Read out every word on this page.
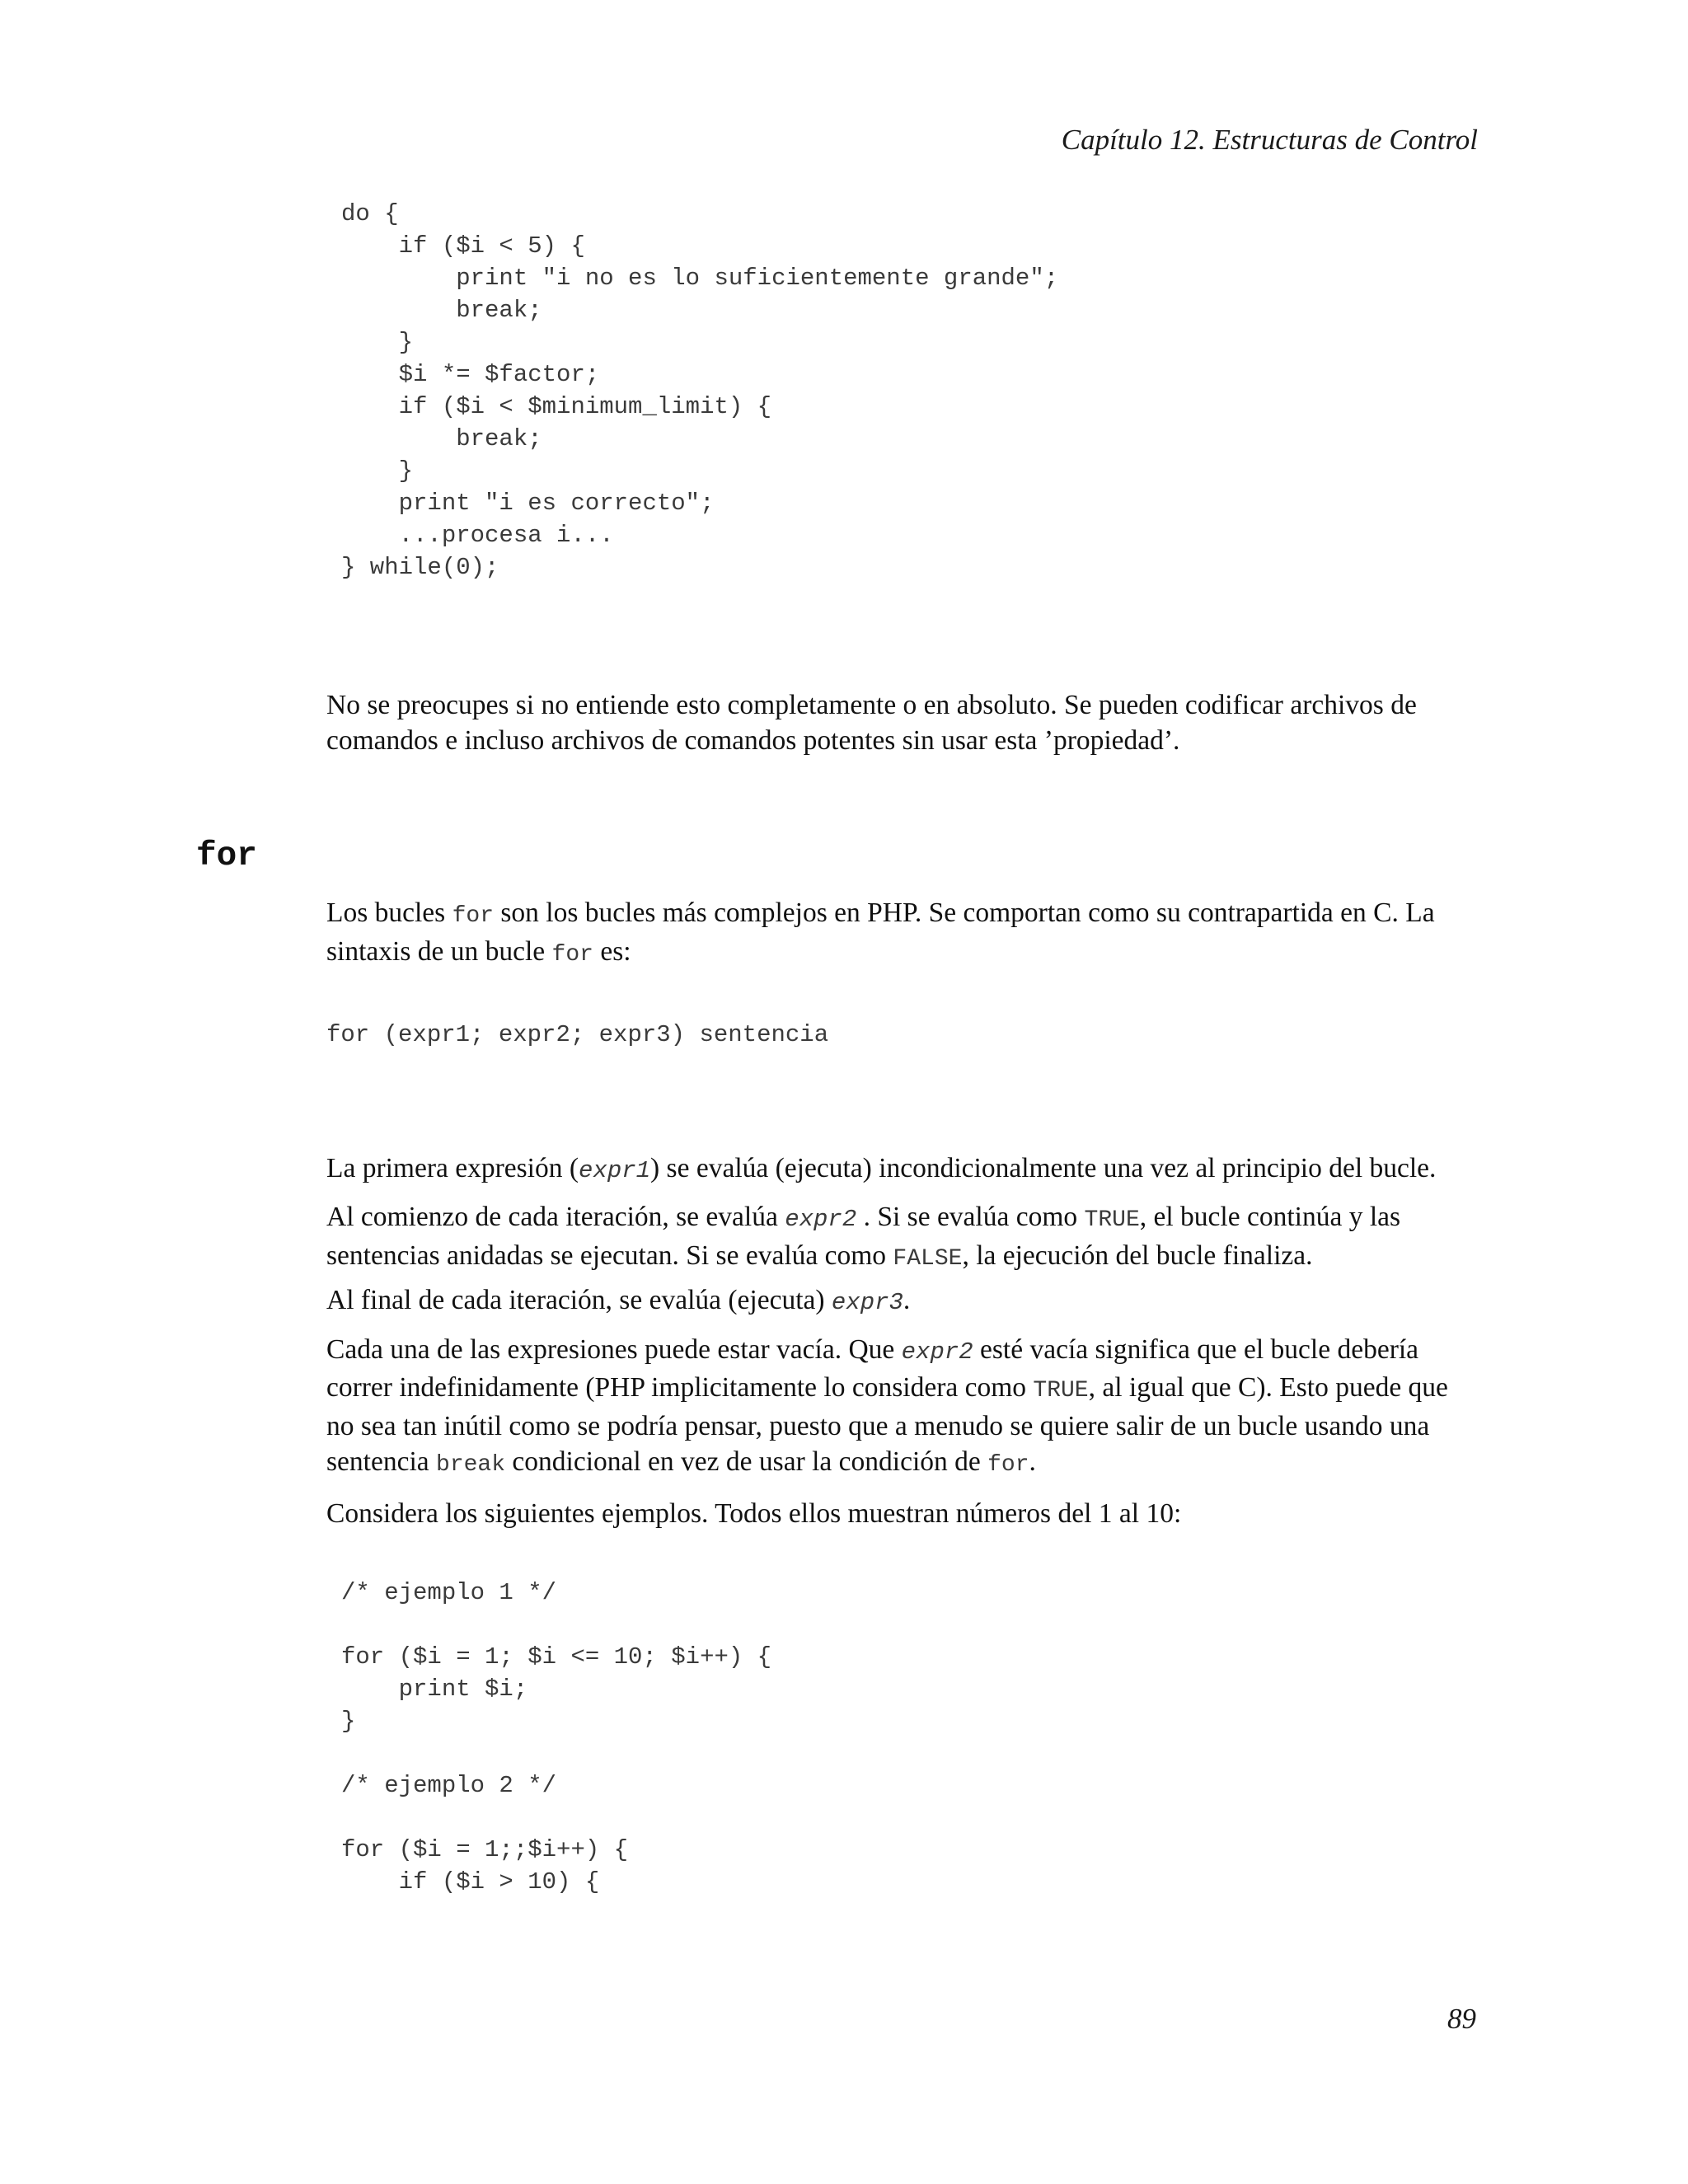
Capítulo 12. Estructuras de Control
do {
if ($i < 5) {
print "i no es lo suficientemente grande";
break;
}
$i *= $factor;
if ($i < $minimum_limit) {
break;
}
print "i es correcto";
...procesa i...
} while(0);

No se preocupes si no entiende esto completamente o en absoluto. Se pueden codificar archivos de comandos e incluso archivos de comandos potentes sin usar esta ’propiedad’.

for

Los bucles for son los bucles más complejos en PHP. Se comportan como su contrapartida en C. La sintaxis de un bucle for es:

for (expr1; expr2; expr3) sentencia

La primera expresión (expr1) se evalúa (ejecuta) incondicionalmente una vez al principio del bucle.

Al comienzo de cada iteración, se evalúa expr2 . Si se evalúa como TRUE, el bucle continúa y las sentencias anidadas se ejecutan. Si se evalúa como FALSE, la ejecución del bucle finaliza.

Al final de cada iteración, se evalúa (ejecuta) expr3.

Cada una de las expresiones puede estar vacía. Que expr2 esté vacía significa que el bucle debería correr indefinidamente (PHP implicitamente lo considera como TRUE, al igual que C). Esto puede que no sea tan inútil como se podría pensar, puesto que a menudo se quiere salir de un bucle usando una sentencia break condicional en vez de usar la condición de for.

Considera los siguientes ejemplos. Todos ellos muestran números del 1 al 10:

/* ejemplo 1 */

for ($i = 1; $i <= 10; $i++) {
print $i;
}

/* ejemplo 2 */

for ($i = 1;;$i++) {
if ($i > 10) {
89
